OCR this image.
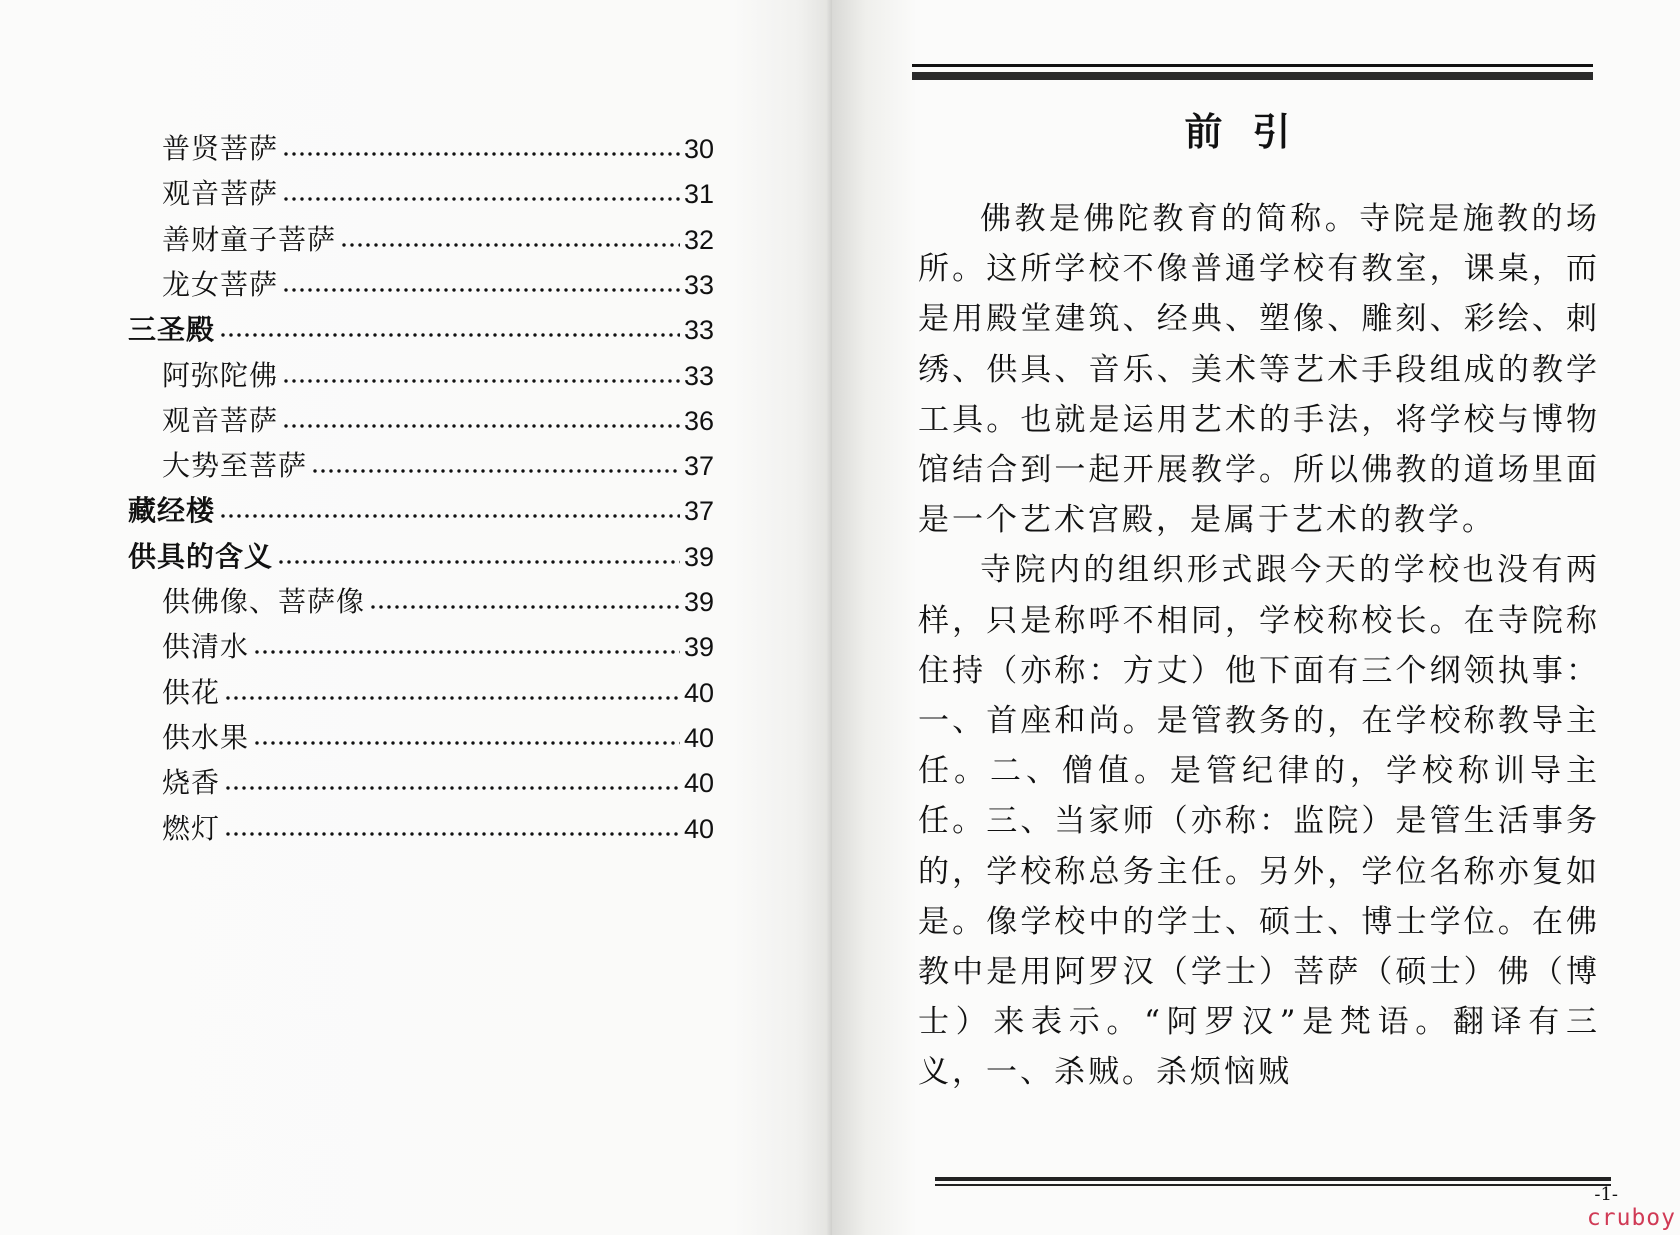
普贤菩萨	30
观音菩萨	31
善财童子菩萨	32
龙女菩萨	33
三圣殿	33
阿弥陀佛	33
观音菩萨	36
大势至菩萨	37
藏经楼	37
供具的含义	39
供佛像、菩萨像	39
供清水	39
供花	40
供水果	40
烧香	40
燃灯	40
前引

佛教是佛陀教育的简称。寺院是施教的场所。这所学校不像普通学校有教室，课桌，而是用殿堂建筑、经典、塑像、雕刻、彩绘、刺绣、供具、音乐、美术等艺术手段组成的教学工具。也就是运用艺术的手法，将学校与博物馆结合到一起开展教学。所以佛教的道场里面是一个艺术宫殿，是属于艺术的教学。

寺院内的组织形式跟今天的学校也没有两样，只是称呼不相同，学校称校长。在寺院称住持（亦称：方丈）他下面有三个纲领执事：一、首座和尚。是管教务的，在学校称教导主任。二、僧值。是管纪律的，学校称训导主任。三、当家师（亦称：监院）是管生活事务的，学校称总务主任。另外，学位名称亦复如是。像学校中的学士、硕士、博士学位。在佛教中是用阿罗汉（学士）菩萨（硕士）佛（博士）来表示。“阿罗汉”是梵语。翻译有三义，一、杀贼。杀烦恼贼

-1-
cruboy
